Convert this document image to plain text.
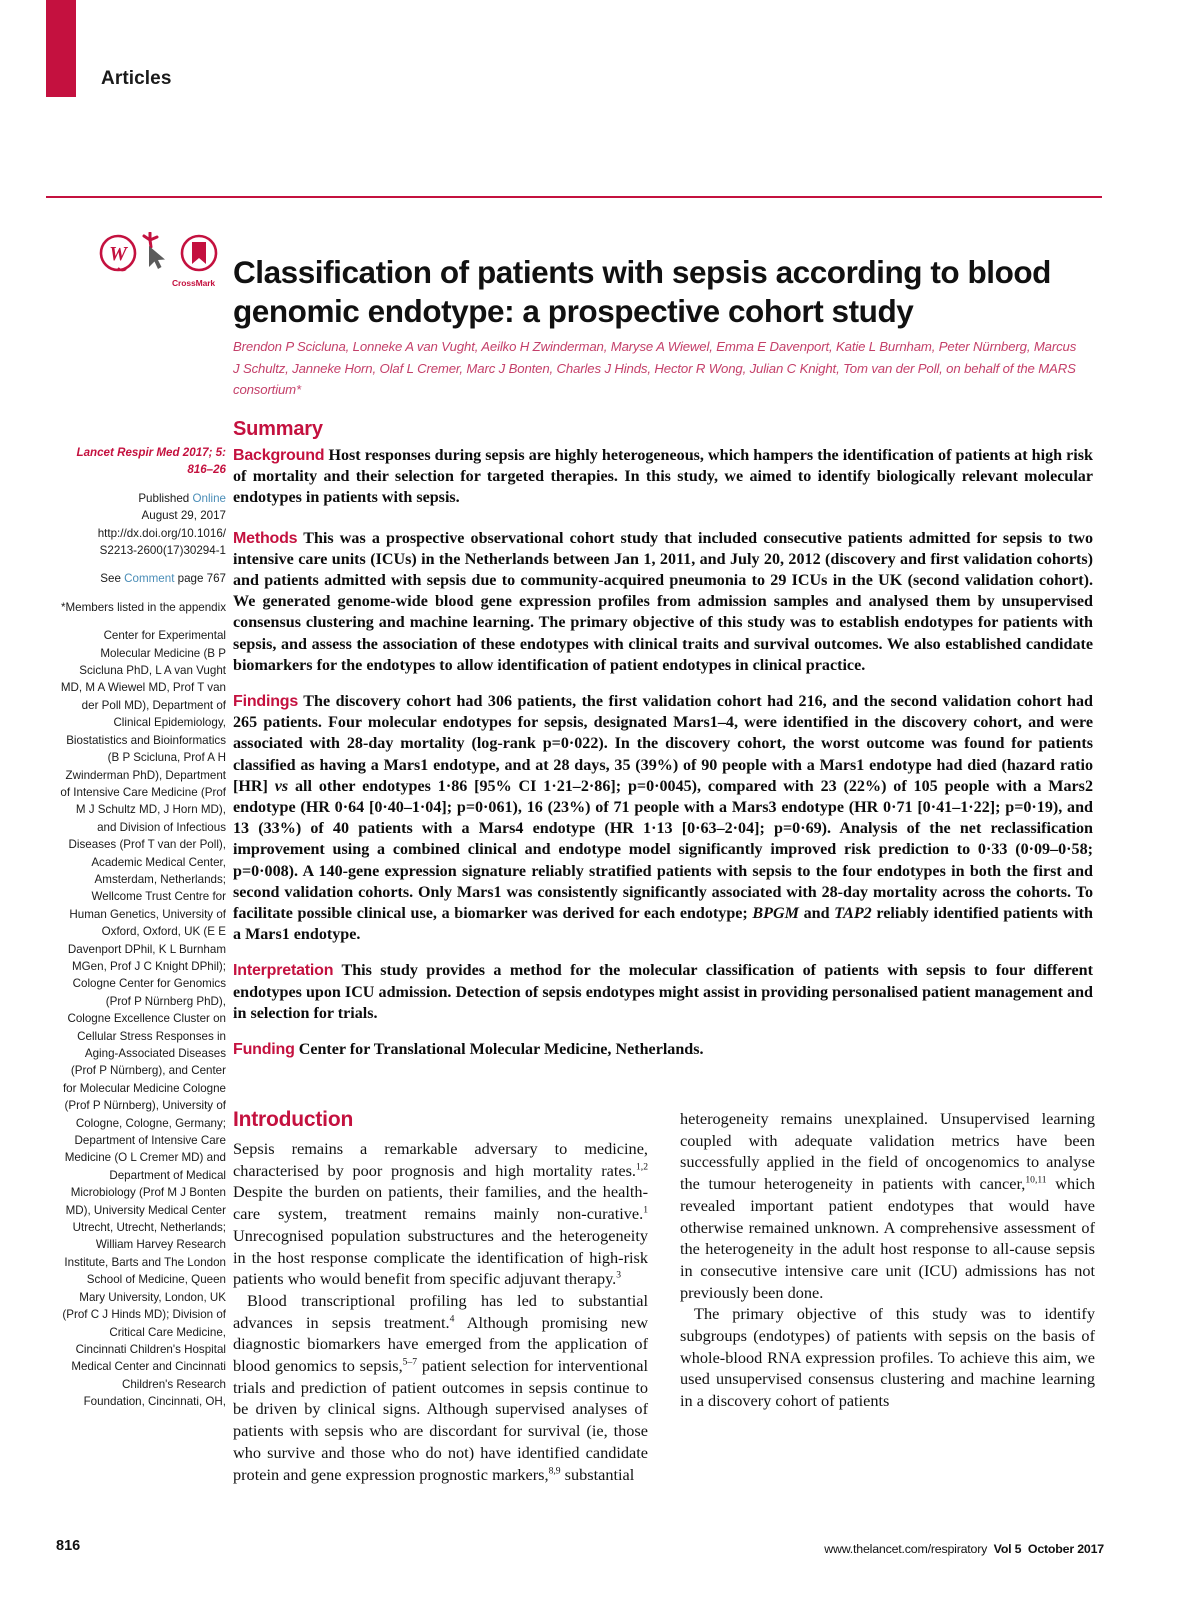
Articles
W
CrossMark Classification of patients with sepsis according to blood genomic endotype: a prospective cohort study
Brendon P Scicluna, Lonneke A van Vught, Aeilko H Zwinderman, Maryse A Wiewel, Emma E Davenport, Katie L Burnham, Peter Nürnberg, Marcus J Schultz, Janneke Horn, Olaf L Cremer, Marc J Bonten, Charles J Hinds, Hector R Wong, Julian C Knight, Tom van der Poll, on behalf of the MARS consortium*
Lancet Respir Med 2017; 5: 816–26
Published Online
August 29, 2017
http://dx.doi.org/10.1016/ S2213-2600(17)30294-1
See Comment page 767
*Members listed in the appendix
Center for Experimental Molecular Medicine (B P Scicluna PhD, L A van Vught MD, M A Wiewel MD, Prof T van der Poll MD), Department of Clinical Epidemiology, Biostatistics and Bioinformatics (B P Scicluna, Prof A H Zwinderman PhD), Department of Intensive Care Medicine (Prof M J Schultz MD, J Horn MD), and Division of Infectious Diseases (Prof T van der Poll), Academic Medical Center, Amsterdam, Netherlands; Wellcome Trust Centre for Human Genetics, University of Oxford, Oxford, UK (E E Davenport DPhil, K L Burnham MGen, Prof J C Knight DPhil); Cologne Center for Genomics (Prof P Nürnberg PhD), Cologne Excellence Cluster on Cellular Stress Responses in Aging-Associated Diseases (Prof P Nürnberg), and Center for Molecular Medicine Cologne (Prof P Nürnberg), University of Cologne, Cologne, Germany; Department of Intensive Care Medicine (O L Cremer MD) and Department of Medical Microbiology (Prof M J Bonten MD), University Medical Center Utrecht, Utrecht, Netherlands; William Harvey Research Institute, Barts and The London School of Medicine, Queen Mary University, London, UK (Prof C J Hinds MD); Division of Critical Care Medicine, Cincinnati Children's Hospital Medical Center and Cincinnati Children's Research Foundation, Cincinnati, OH,
Summary

Background Host responses during sepsis are highly heterogeneous, which hampers the identification of patients at high risk of mortality and their selection for targeted therapies. In this study, we aimed to identify biologically relevant molecular endotypes in patients with sepsis.

Methods This was a prospective observational cohort study that included consecutive patients admitted for sepsis to two intensive care units (ICUs) in the Netherlands between Jan 1, 2011, and July 20, 2012 (discovery and first validation cohorts) and patients admitted with sepsis due to community-acquired pneumonia to 29 ICUs in the UK (second validation cohort). We generated genome-wide blood gene expression profiles from admission samples and analysed them by unsupervised consensus clustering and machine learning. The primary objective of this study was to establish endotypes for patients with sepsis, and assess the association of these endotypes with clinical traits and survival outcomes. We also established candidate biomarkers for the endotypes to allow identification of patient endotypes in clinical practice.

Findings The discovery cohort had 306 patients, the first validation cohort had 216, and the second validation cohort had 265 patients. Four molecular endotypes for sepsis, designated Mars1–4, were identified in the discovery cohort, and were associated with 28-day mortality (log-rank p=0·022). In the discovery cohort, the worst outcome was found for patients classified as having a Mars1 endotype, and at 28 days, 35 (39%) of 90 people with a Mars1 endotype had died (hazard ratio [HR] vs all other endotypes 1·86 [95% CI 1·21–2·86]; p=0·0045), compared with 23 (22%) of 105 people with a Mars2 endotype (HR 0·64 [0·40–1·04]; p=0·061), 16 (23%) of 71 people with a Mars3 endotype (HR 0·71 [0·41–1·22]; p=0·19), and 13 (33%) of 40 patients with a Mars4 endotype (HR 1·13 [0·63–2·04]; p=0·69). Analysis of the net reclassification improvement using a combined clinical and endotype model significantly improved risk prediction to 0·33 (0·09–0·58; p=0·008). A 140-gene expression signature reliably stratified patients with sepsis to the four endotypes in both the first and second validation cohorts. Only Mars1 was consistently significantly associated with 28-day mortality across the cohorts. To facilitate possible clinical use, a biomarker was derived for each endotype; BPGM and TAP2 reliably identified patients with a Mars1 endotype.

Interpretation This study provides a method for the molecular classification of patients with sepsis to four different endotypes upon ICU admission. Detection of sepsis endotypes might assist in providing personalised patient management and in selection for trials.

Funding Center for Translational Molecular Medicine, Netherlands.

Introduction

Sepsis remains a remarkable adversary to medicine, characterised by poor prognosis and high mortality rates.$^{1,2}$ Despite the burden on patients, their families, and the health-care system, treatment remains mainly non-curative.$^1$ Unrecognised population substructures and the heterogeneity in the host response complicate the identification of high-risk patients who would benefit from specific adjuvant therapy.$^3$

Blood transcriptional profiling has led to substantial advances in sepsis treatment.$^4$ Although promising new diagnostic biomarkers have emerged from the application of blood genomics to sepsis,$^{5-7}$ patient selection for interventional trials and prediction of patient outcomes in sepsis continue to be driven by clinical signs. Although supervised analyses of patients with sepsis who are discordant for survival (ie, those who survive and those who do not) have identified candidate protein and gene expression prognostic markers,$^{8,9}$ substantial

heterogeneity remains unexplained. Unsupervised learning coupled with adequate validation metrics have been successfully applied in the field of oncogenomics to analyse the tumour heterogeneity in patients with cancer,$^{10,11}$ which revealed important patient endotypes that would have otherwise remained unknown. A comprehensive assessment of the heterogeneity in the adult host response to all-cause sepsis in consecutive intensive care unit (ICU) admissions has not previously been done.

The primary objective of this study was to identify subgroups (endotypes) of patients with sepsis on the basis of whole-blood RNA expression profiles. To achieve this aim, we used unsupervised consensus clustering and machine learning in a discovery cohort of patients

816	www.thelancet.com/respiratory Vol 5 October 2017
